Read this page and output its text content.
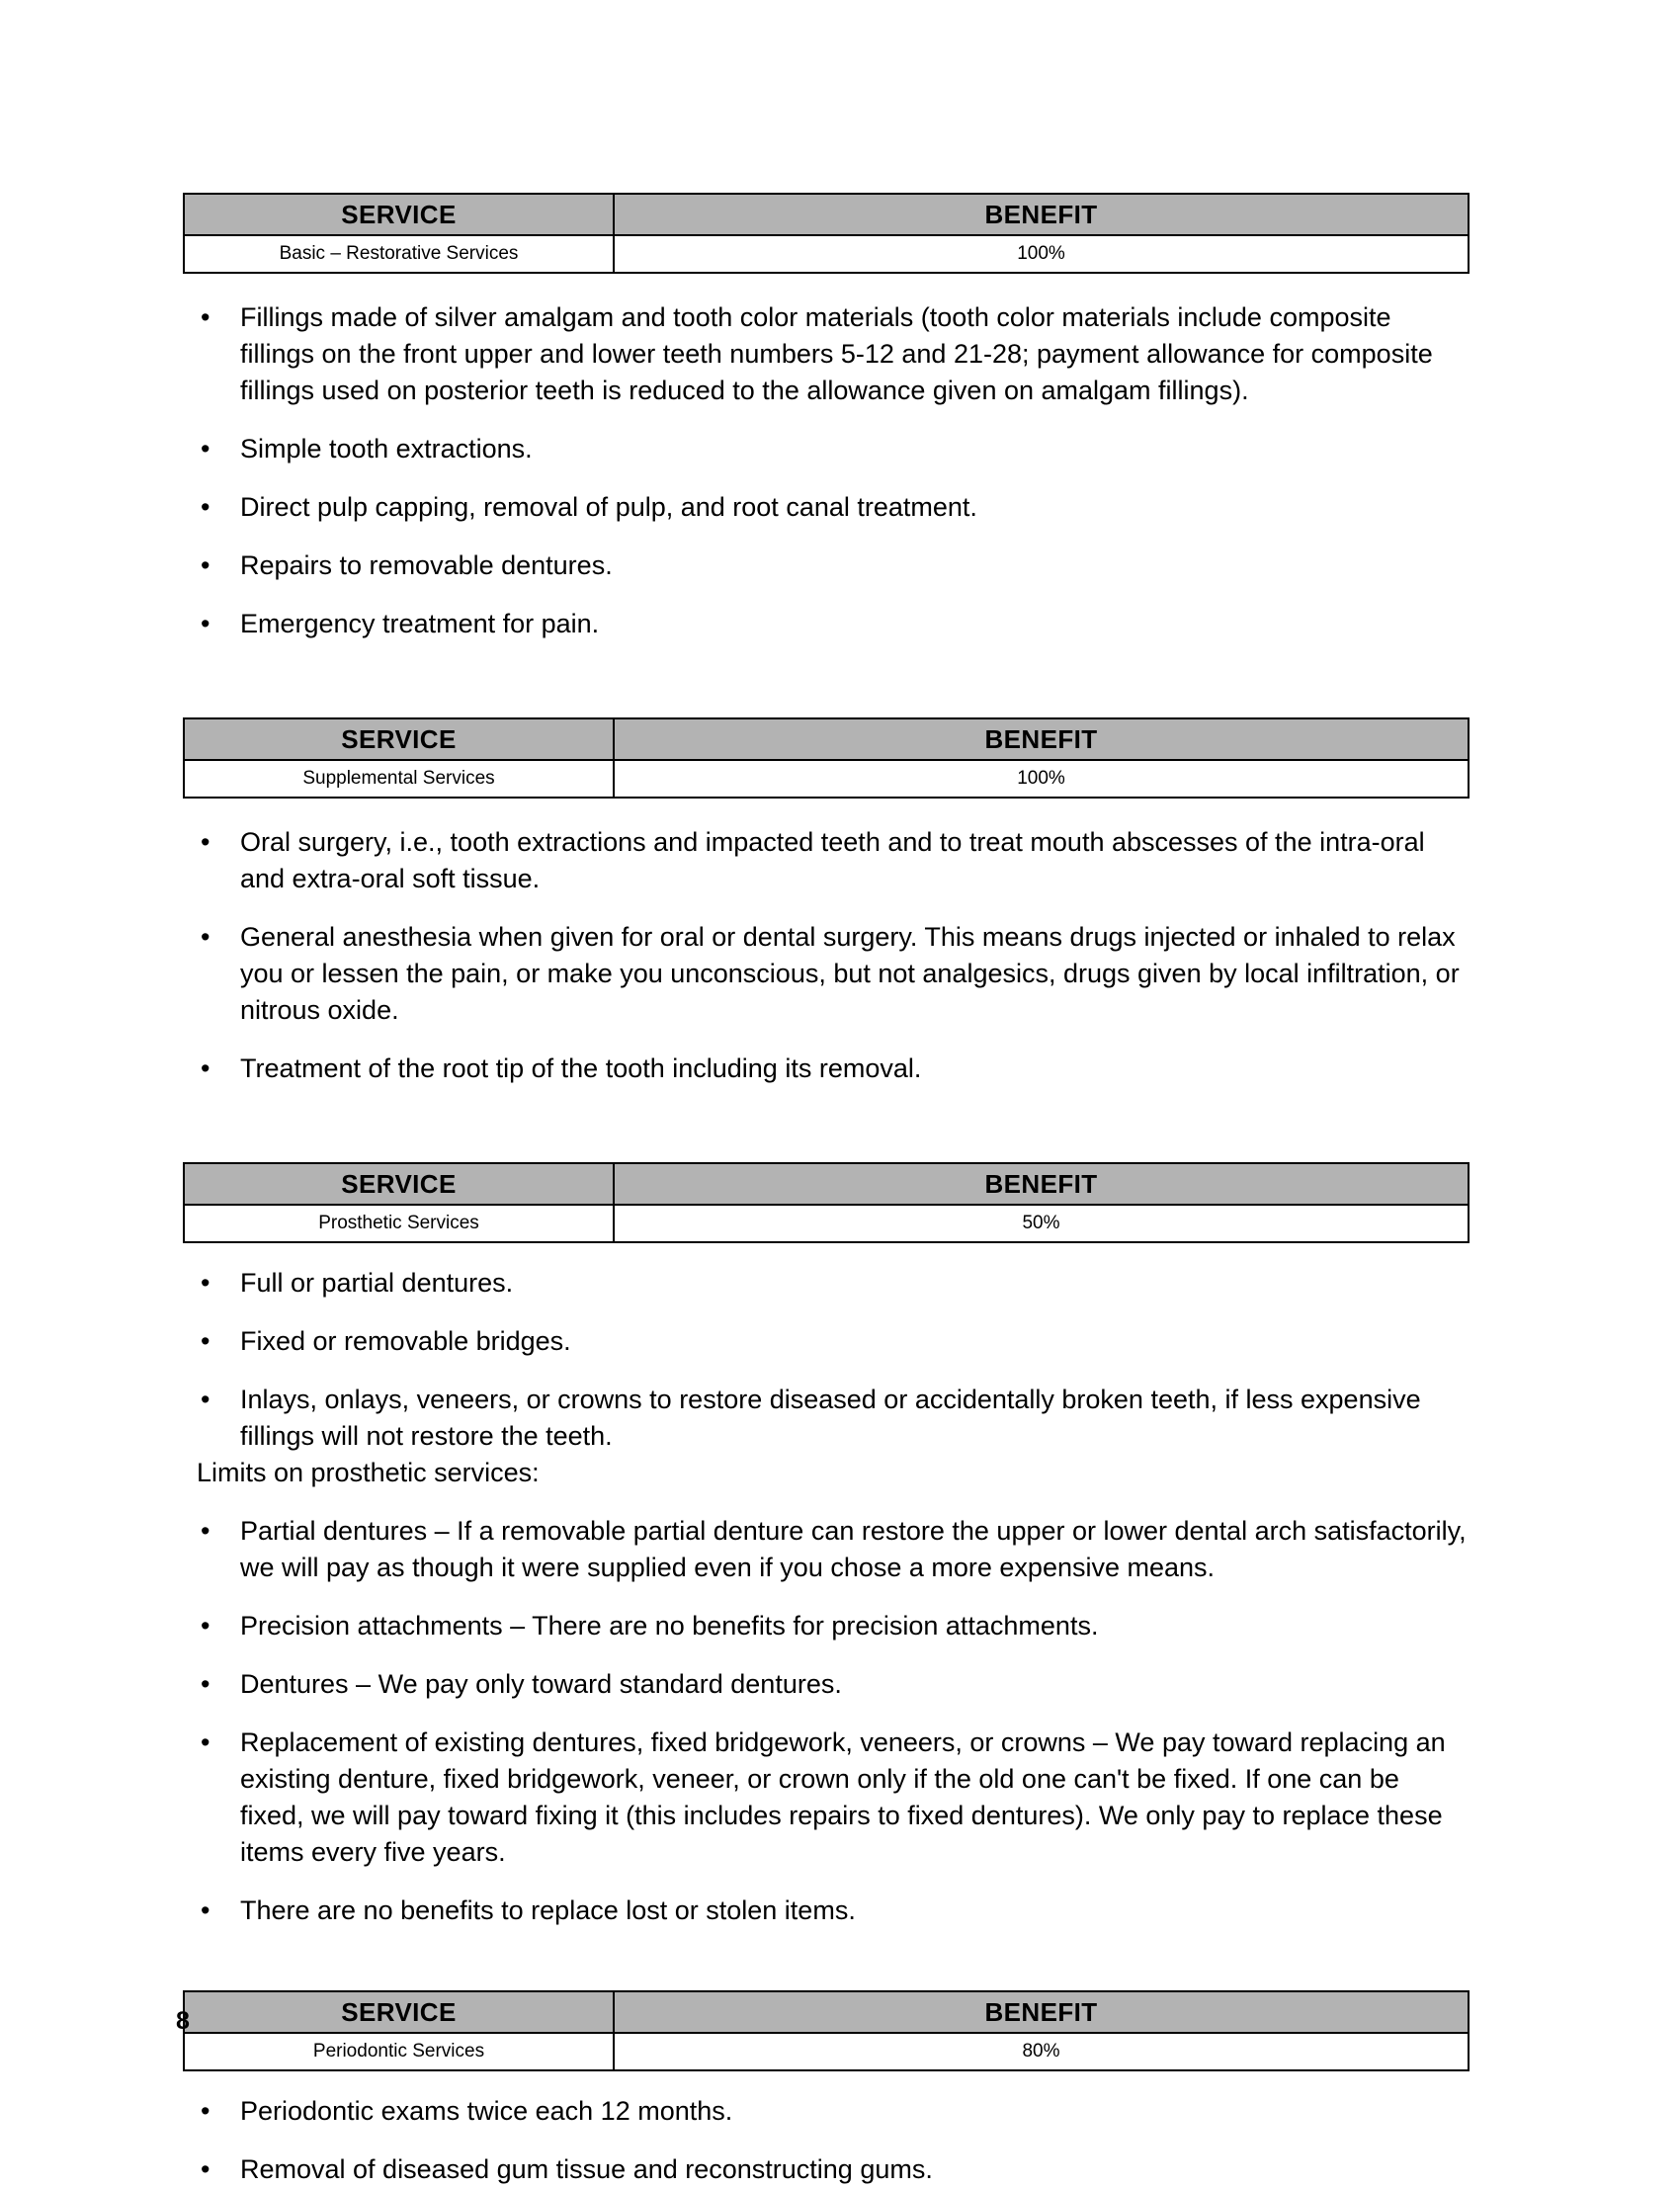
SERVICE	BENEFIT
Basic – Restorative Services	100%
• Fillings made of silver amalgam and tooth color materials (tooth color materials include composite fillings on the front upper and lower teeth numbers 5-12 and 21-28; payment allowance for composite fillings used on posterior teeth is reduced to the allowance given on amalgam fillings).
• Simple tooth extractions.
• Direct pulp capping, removal of pulp, and root canal treatment.
• Repairs to removable dentures.
• Emergency treatment for pain.
SERVICE	BENEFIT
Supplemental Services	100%
• Oral surgery, i.e., tooth extractions and impacted teeth and to treat mouth abscesses of the intra-oral and extra-oral soft tissue.
• General anesthesia when given for oral or dental surgery. This means drugs injected or inhaled to relax you or lessen the pain, or make you unconscious, but not analgesics, drugs given by local infiltration, or nitrous oxide.
• Treatment of the root tip of the tooth including its removal.
SERVICE	BENEFIT
Prosthetic Services	50%
• Full or partial dentures.
• Fixed or removable bridges.
• Inlays, onlays, veneers, or crowns to restore diseased or accidentally broken teeth, if less expensive fillings will not restore the teeth.

Limits on prosthetic services:

• Partial dentures – If a removable partial denture can restore the upper or lower dental arch satisfactorily, we will pay as though it were supplied even if you chose a more expensive means.
• Precision attachments – There are no benefits for precision attachments.
• Dentures – We pay only toward standard dentures.
• Replacement of existing dentures, fixed bridgework, veneers, or crowns – We pay toward replacing an existing denture, fixed bridgework, veneer, or crown only if the old one can't be fixed. If one can be fixed, we will pay toward fixing it (this includes repairs to fixed dentures). We only pay to replace these items every five years.
• There are no benefits to replace lost or stolen items.
SERVICE	BENEFIT
Periodontic Services	80%
• Periodontic exams twice each 12 months.
• Removal of diseased gum tissue and reconstructing gums.
8
